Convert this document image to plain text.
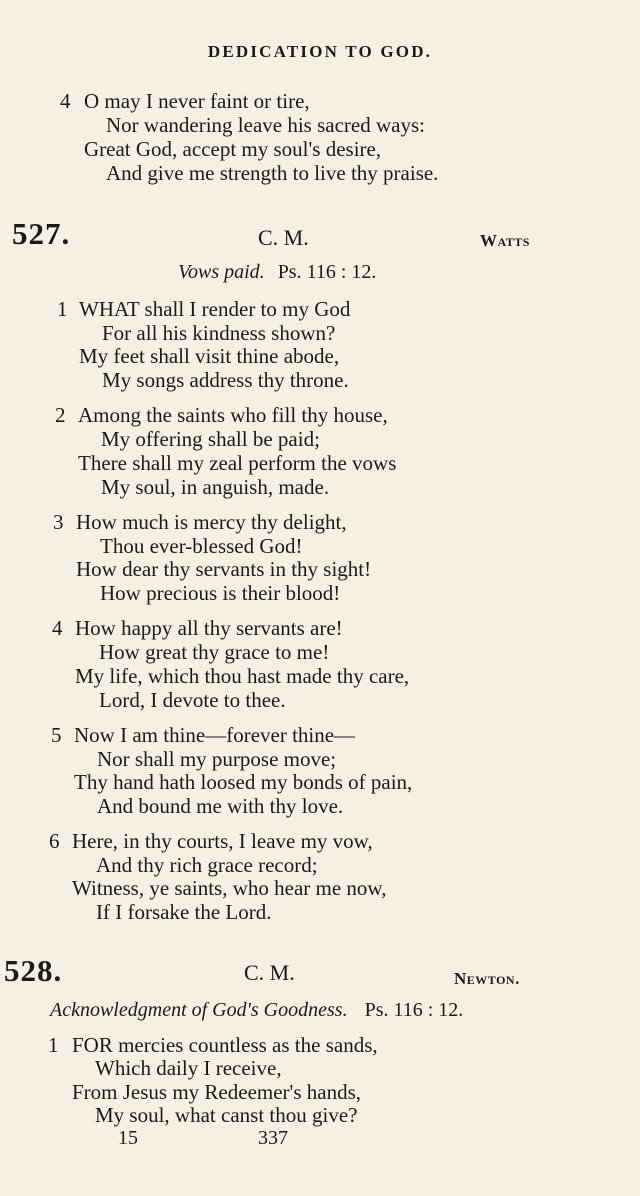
DEDICATION TO GOD.
4 O may I never faint or tire,
Nor wandering leave his sacred ways:
Great God, accept my soul's desire,
And give me strength to live thy praise.
527.	C. M.	Watts
Vows paid. Ps. 116 : 12.
1 WHAT shall I render to my God
For all his kindness shown?
My feet shall visit thine abode,
My songs address thy throne.
2 Among the saints who fill thy house,
My offering shall be paid;
There shall my zeal perform the vows
My soul, in anguish, made.
3 How much is mercy thy delight,
Thou ever-blessed God!
How dear thy servants in thy sight!
How precious is their blood!
4 How happy all thy servants are!
How great thy grace to me!
My life, which thou hast made thy care,
Lord, I devote to thee.
5 Now I am thine—forever thine—
Nor shall my purpose move;
Thy hand hath loosed my bonds of pain,
And bound me with thy love.
6 Here, in thy courts, I leave my vow,
And thy rich grace record;
Witness, ye saints, who hear me now,
If I forsake the Lord.
528.	C. M.	Newton.
Acknowledgment of God's Goodness. Ps. 116 : 12.
1 FOR mercies countless as the sands,
Which daily I receive,
From Jesus my Redeemer's hands,
My soul, what canst thou give?
15	337
